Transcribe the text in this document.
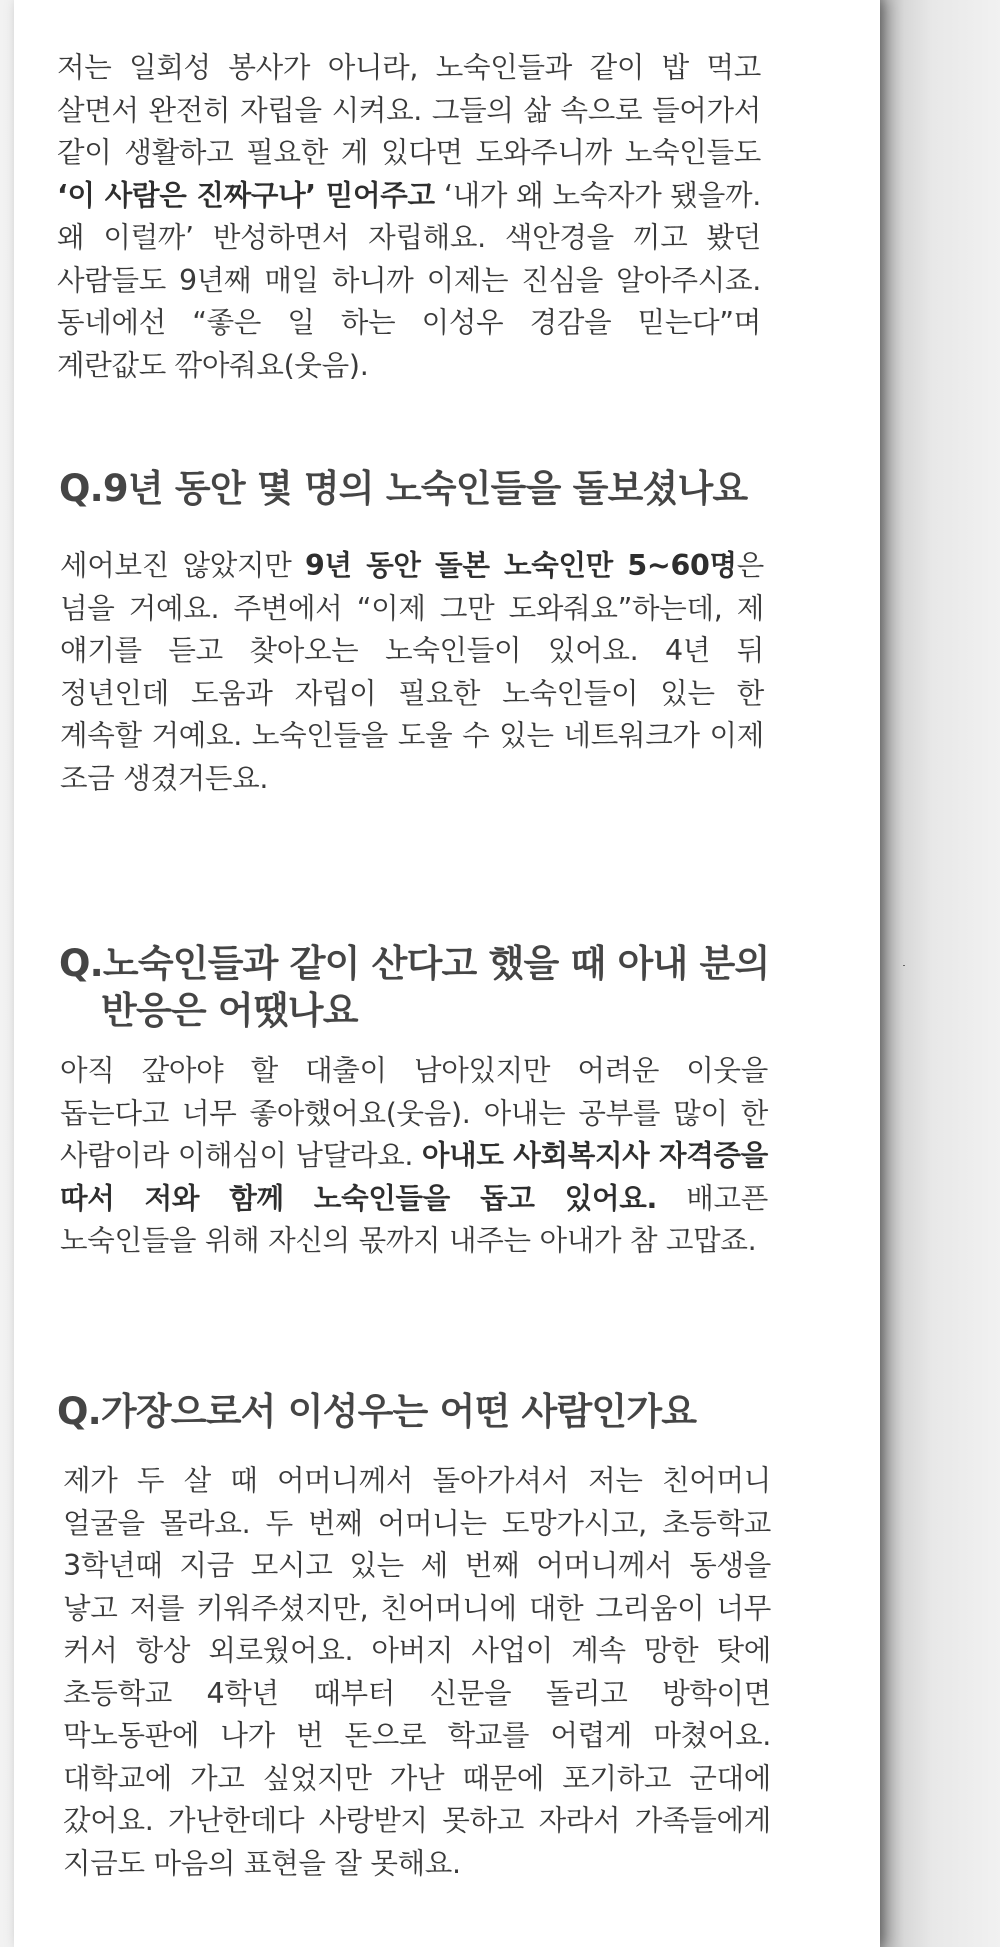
저는 일회성 봉사가 아니라, 노숙인들과 같이 밥 먹고 살면서 완전히 자립을 시켜요. 그들의 삶 속으로 들어가서 같이 생활하고 필요한 게 있다면 도와주니까 노숙인들도 ‘이 사람은 진짜구나’ 믿어주고 ‘내가 왜 노숙자가 됐을까. 왜 이럴까’ 반성하면서 자립해요. 색안경을 끼고 봤던 사람들도 9년째 매일 하니까 이제는 진심을 알아주시죠. 동네에선 “좋은 일 하는 이성우 경감을 믿는다”며 계란값도 깎아줘요(웃음).

Q.9년 동안 몇 명의 노숙인들을 돌보셨나요

세어보진 않았지만 9년 동안 돌본 노숙인만 5~60명은 넘을 거예요. 주변에서 “이제 그만 도와줘요”하는데, 제 얘기를 듣고 찾아오는 노숙인들이 있어요. 4년 뒤 정년인데 도움과 자립이 필요한 노숙인들이 있는 한 계속할 거예요. 노숙인들을 도울 수 있는 네트워크가 이제 조금 생겼거든요.

Q.노숙인들과 같이 산다고 했을 때 아내 분의
반응은 어땠나요

아직 갚아야 할 대출이 남아있지만 어려운 이웃을 돕는다고 너무 좋아했어요(웃음). 아내는 공부를 많이 한 사람이라 이해심이 남달라요. 아내도 사회복지사 자격증을 따서 저와 함께 노숙인들을 돕고 있어요. 배고픈 노숙인들을 위해 자신의 몫까지 내주는 아내가 참 고맙죠.

Q.가장으로서 이성우는 어떤 사람인가요

제가 두 살 때 어머니께서 돌아가셔서 저는 친어머니 얼굴을 몰라요. 두 번째 어머니는 도망가시고, 초등학교 3학년때 지금 모시고 있는 세 번째 어머니께서 동생을 낳고 저를 키워주셨지만, 친어머니에 대한 그리움이 너무 커서 항상 외로웠어요. 아버지 사업이 계속 망한 탓에 초등학교 4학년 때부터 신문을 돌리고 방학이면 막노동판에 나가 번 돈으로 학교를 어렵게 마쳤어요. 대학교에 가고 싶었지만 가난 때문에 포기하고 군대에 갔어요. 가난한데다 사랑받지 못하고 자라서 가족들에게 지금도 마음의 표현을 잘 못해요.
